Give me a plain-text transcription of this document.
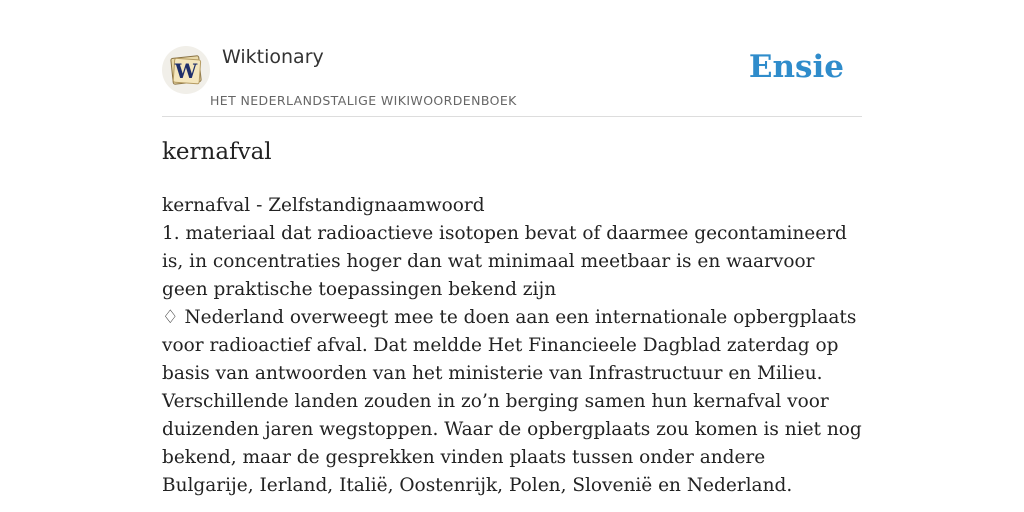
W
Wiktionary
HET NEDERLANDSTALIGE WIKIWOORDENBOEK
Ensie
kernafval
kernafval - Zelfstandignaamwoord
1. materiaal dat radioactieve isotopen bevat of daarmee gecontamineerd is, in concentraties hoger dan wat minimaal meetbaar is en waarvoor geen praktische toepassingen bekend zijn
♢ Nederland overweegt mee te doen aan een internationale opbergplaats voor radioactief afval. Dat meldde Het Financieele Dagblad zaterdag op basis van antwoorden van het ministerie van Infrastructuur en Milieu. Verschillende landen zouden in zo’n berging samen hun kernafval voor duizenden jaren wegstoppen. Waar de opbergplaats zou komen is niet nog bekend, maar de gesprekken vinden plaats tussen onder andere Bulgarije, Ierland, Italië, Oostenrijk, Polen, Slovenië en Nederland.
